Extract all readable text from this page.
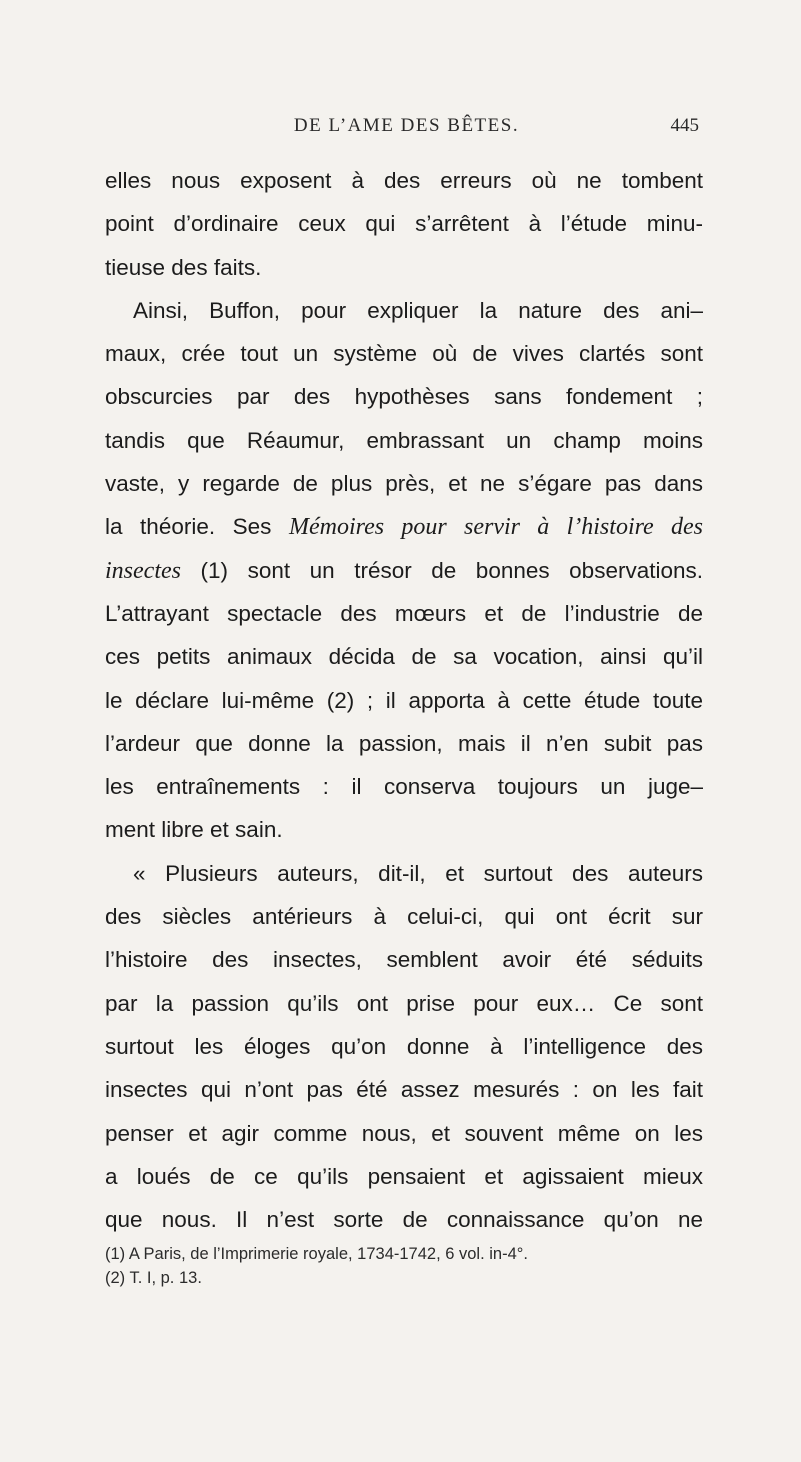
DE L’AME DES BÊTES.	445
elles nous exposent à des erreurs où ne tombent
point d’ordinaire ceux qui s’arrêtent à l’étude minu-
tieuse des faits.
Ainsi, Buffon, pour expliquer la nature des ani–
maux, crée tout un système où de vives clartés sont
obscurcies par des hypothèses sans fondement ;
tandis que Réaumur, embrassant un champ moins
vaste, y regarde de plus près, et ne s’égare pas dans
la théorie. Ses Mémoires pour servir à l’histoire des
insectes (1) sont un trésor de bonnes observations.
L’attrayant spectacle des mœurs et de l’industrie de
ces petits animaux décida de sa vocation, ainsi qu’il
le déclare lui-même (2) ; il apporta à cette étude toute
l’ardeur que donne la passion, mais il n’en subit pas
les entraînements : il conserva toujours un juge–
ment libre et sain.
« Plusieurs auteurs, dit-il, et surtout des auteurs
des siècles antérieurs à celui-ci, qui ont écrit sur
l’histoire des insectes, semblent avoir été séduits
par la passion qu’ils ont prise pour eux… Ce sont
surtout les éloges qu’on donne à l’intelligence des
insectes qui n’ont pas été assez mesurés : on les fait
penser et agir comme nous, et souvent même on les
a loués de ce qu’ils pensaient et agissaient mieux
que nous. Il n’est sorte de connaissance qu’on ne
(1) A Paris, de l’Imprimerie royale, 1734-1742, 6 vol. in-4°.
(2) T. I, p. 13.
